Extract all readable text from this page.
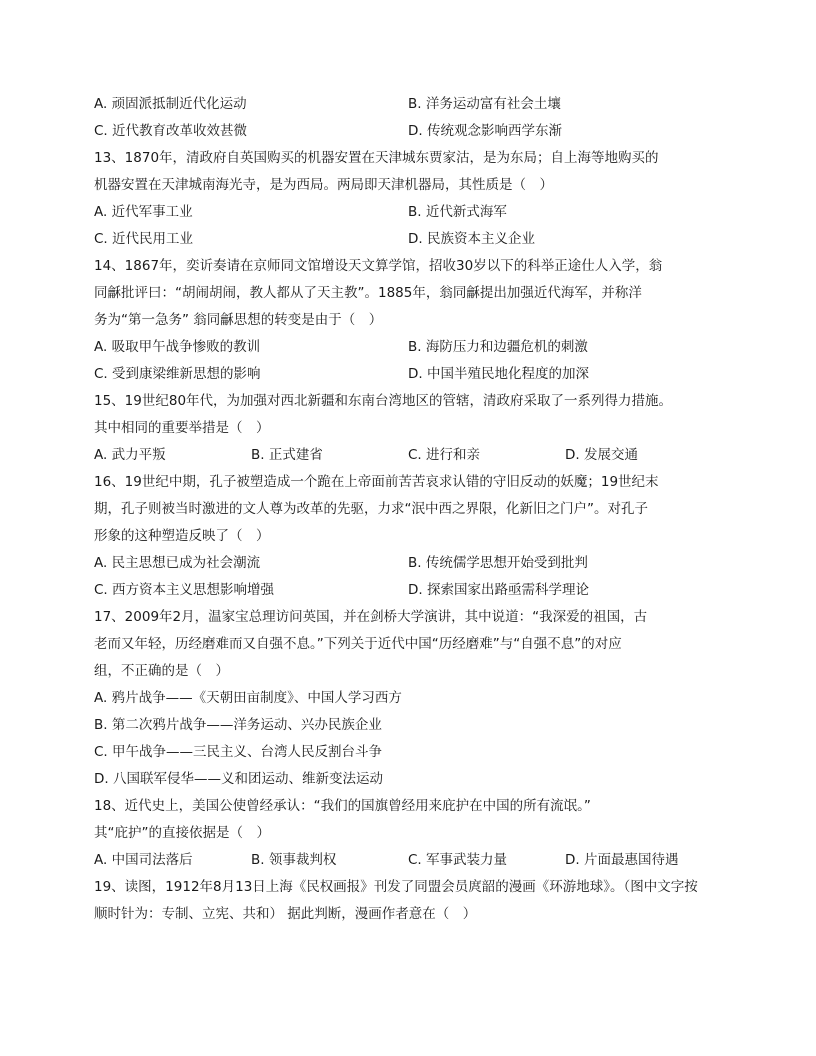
A. 顽固派抵制近代化运动	B. 洋务运动富有社会土壤
C. 近代教育改革收效甚微	D. 传统观念影响西学东渐
13、1870年，清政府自英国购买的机器安置在天津城东贾家沽，是为东局；自上海等地购买的
机器安置在天津城南海光寺，是为西局。两局即天津机器局，其性质是（　）
A. 近代军事工业	B. 近代新式海军
C. 近代民用工业	D. 民族资本主义企业
14、1867年，奕䜣奏请在京师同文馆增设天文算学馆，招收30岁以下的科举正途仕人入学，翁
同龢批评曰：“胡闹胡闹，教人都从了天主教”。1885年，翁同龢提出加强近代海军，并称洋
务为“第一急务” 翁同龢思想的转变是由于（　）
A. 吸取甲午战争惨败的教训	B. 海防压力和边疆危机的刺激
C. 受到康梁维新思想的影响	D. 中国半殖民地化程度的加深
15、19世纪80年代，为加强对西北新疆和东南台湾地区的管辖，清政府采取了一系列得力措施。
其中相同的重要举措是（　）
A. 武力平叛	B. 正式建省	C. 进行和亲	D. 发展交通
16、19世纪中期，孔子被塑造成一个跪在上帝面前苦苦哀求认错的守旧反动的妖魔；19世纪末
期，孔子则被当时激进的文人尊为改革的先驱，力求“泯中西之界限，化新旧之门户”。对孔子
形象的这种塑造反映了（　）
A. 民主思想已成为社会潮流	B. 传统儒学思想开始受到批判
C. 西方资本主义思想影响增强	D. 探索国家出路亟需科学理论
17、2009年2月，温家宝总理访问英国，并在剑桥大学演讲，其中说道：“我深爱的祖国，古
老而又年轻，历经磨难而又自强不息。”下列关于近代中国“历经磨难”与“自强不息”的对应
组，不正确的是（　）
A. 鸦片战争——《天朝田亩制度》、中国人学习西方
B. 第二次鸦片战争——洋务运动、兴办民族企业
C. 甲午战争——三民主义、台湾人民反割台斗争
D. 八国联军侵华——义和团运动、维新变法运动
18、近代史上，美国公使曾经承认：“我们的国旗曾经用来庇护在中国的所有流氓。”
其“庇护”的直接依据是（　）
A. 中国司法落后	B. 领事裁判权	C. 军事武装力量	D. 片面最惠国待遇
19、读图，1912年8月13日上海《民权画报》刊发了同盟会员庹韶的漫画《环游地球》。（图中文字按
顺时针为：专制、立宪、共和） 据此判断，漫画作者意在（　）
